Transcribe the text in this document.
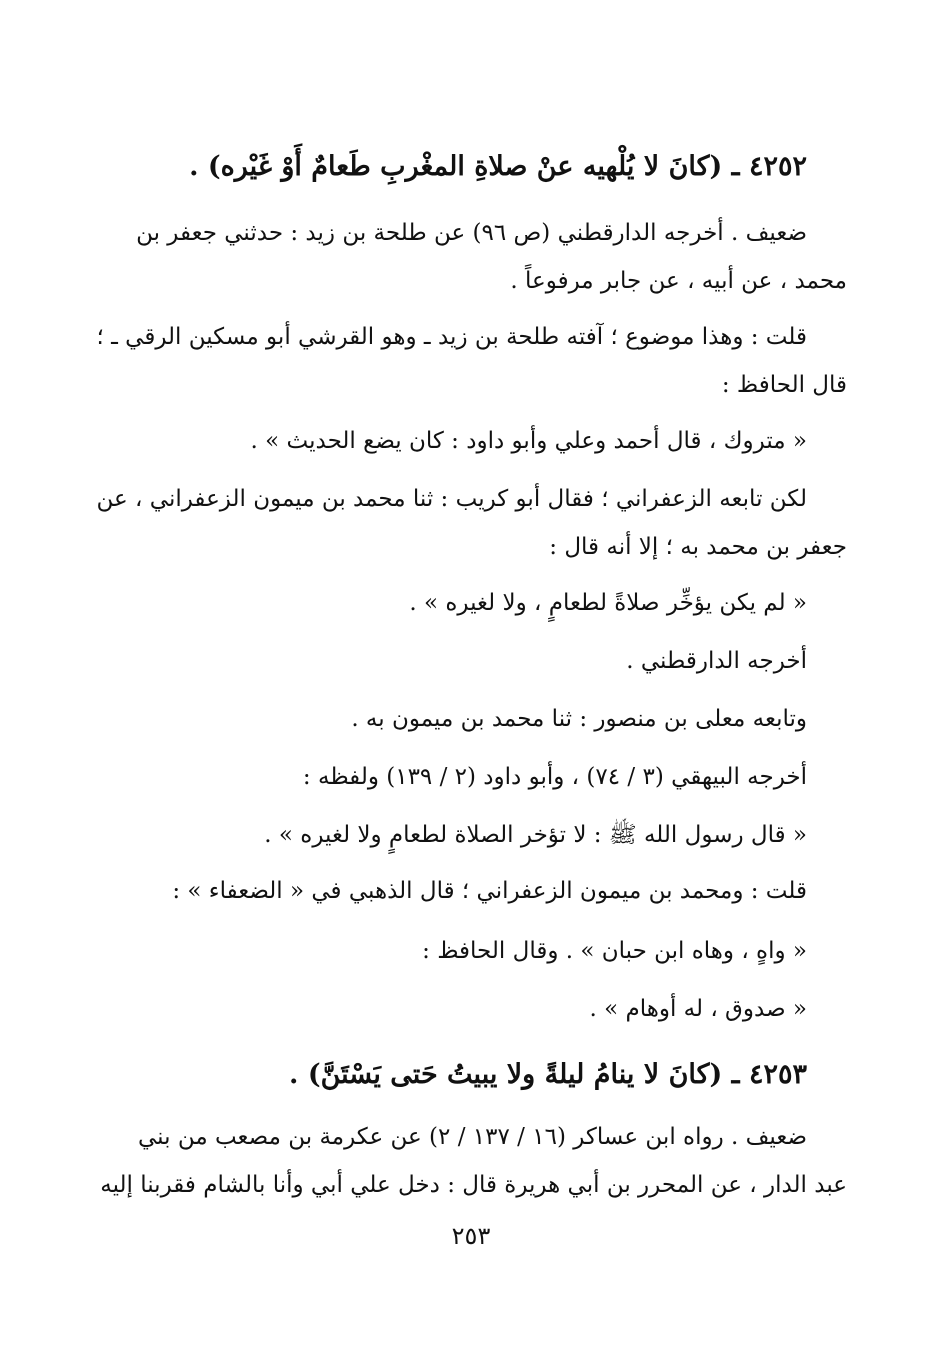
٤٢٥٢ ـ (كانَ لا يُلْهيه عنْ صلاةِ المغْربِ طَعامٌ أَوْ غَيْره) .
ضعيف . أخرجه الدارقطني (ص ٩٦) عن طلحة بن زيد : حدثني جعفر بن
محمد ، عن أبيه ، عن جابر مرفوعاً .
قلت : وهذا موضوع ؛ آفته طلحة بن زيد ـ وهو القرشي أبو مسكين الرقي ـ ؛
قال الحافظ :
« متروك ، قال أحمد وعلي وأبو داود : كان يضع الحديث » .
لكن تابعه الزعفراني ؛ فقال أبو كريب : ثنا محمد بن ميمون الزعفراني ، عن
جعفر بن محمد به ؛ إلا أنه قال :
« لم يكن يؤخِّر صلاةً لطعامٍ ، ولا لغيره » .
أخرجه الدارقطني .
وتابعه معلى بن منصور : ثنا محمد بن ميمون به .
أخرجه البيهقي (٣ / ٧٤) ، وأبو داود (٢ / ١٣٩) ولفظه :
« قال رسول الله ﷺ : لا تؤخر الصلاة لطعامٍ ولا لغيره » .
قلت : ومحمد بن ميمون الزعفراني ؛ قال الذهبي في « الضعفاء » :
« واهٍ ، وهاه ابن حبان » . وقال الحافظ :
« صدوق ، له أوهام » .
٤٢٥٣ ـ (كانَ لا ينامُ ليلةً ولا يبيتُ حَتى يَسْتَنَّ) .
ضعيف . رواه ابن عساكر (١٦ / ١٣٧ / ٢) عن عكرمة بن مصعب من بني
عبد الدار ، عن المحرر بن أبي هريرة قال : دخل علي أبي وأنا بالشام فقربنا إليه
٢٥٣
